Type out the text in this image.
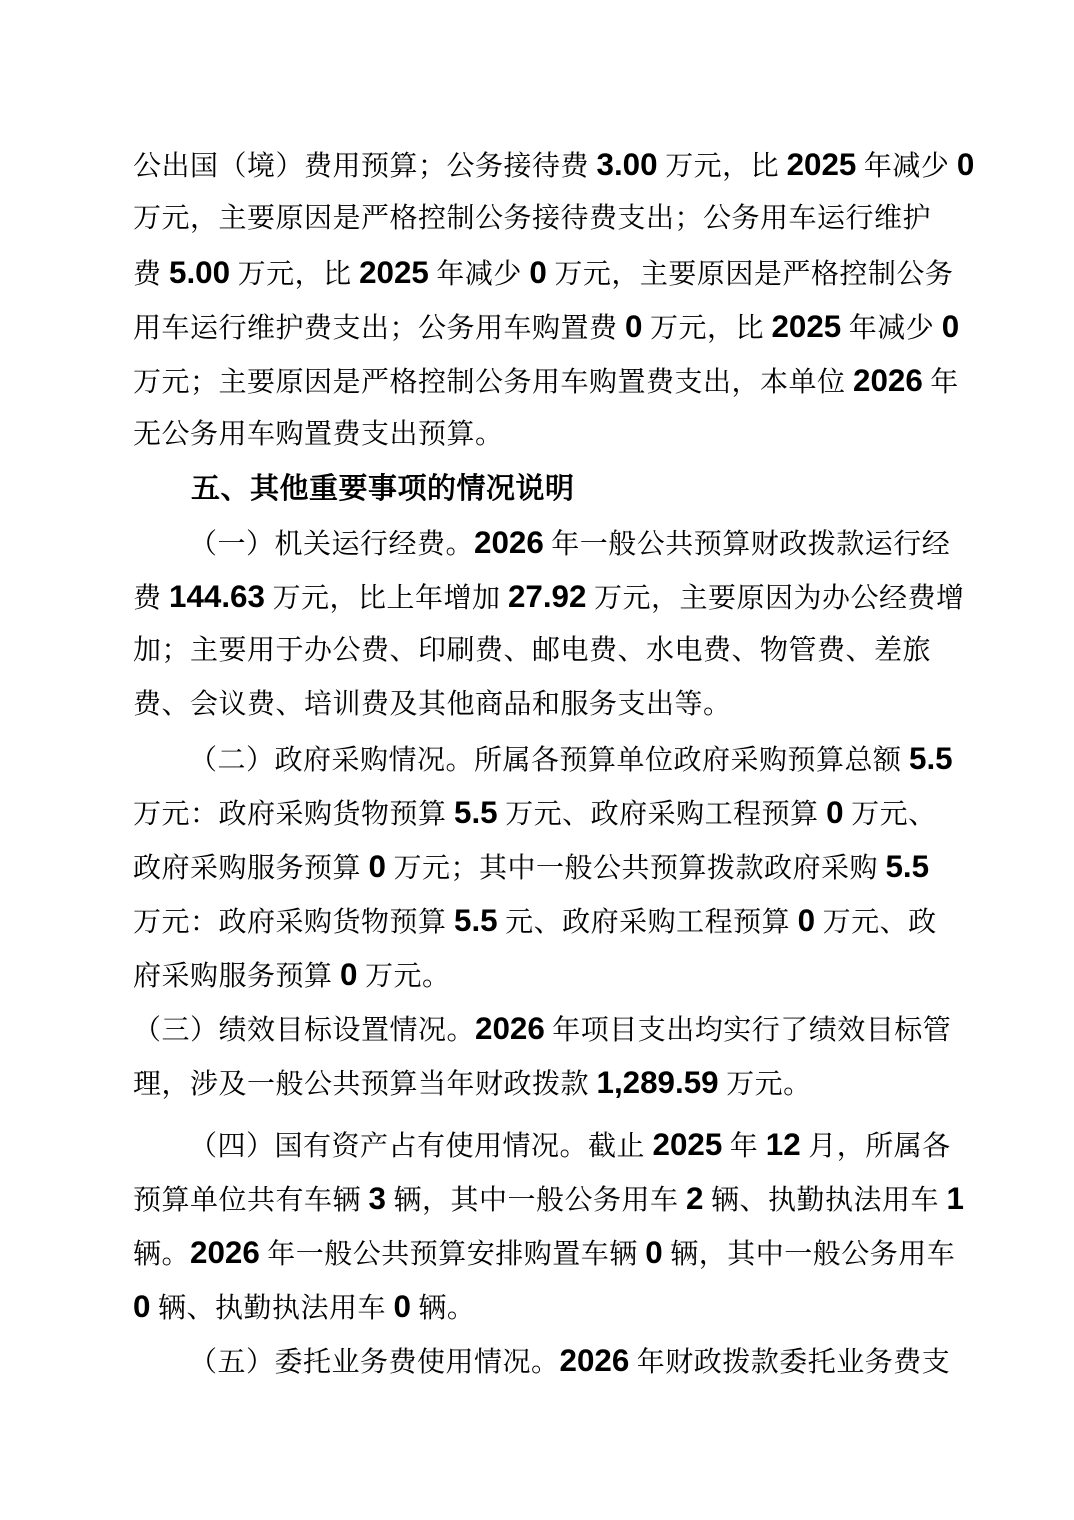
公出国（境）费用预算；公务接待费 3.00 万元，比 2025 年减少 0
万元，主要原因是严格控制公务接待费支出；公务用车运行维护
费 5.00 万元，比 2025 年减少 0 万元，主要原因是严格控制公务
用车运行维护费支出；公务用车购置费 0 万元，比 2025 年减少 0
万元；主要原因是严格控制公务用车购置费支出，本单位 2026 年
无公务用车购置费支出预算。
五、其他重要事项的情况说明
（一）机关运行经费。2026 年一般公共预算财政拨款运行经
费 144.63 万元，比上年增加 27.92 万元，主要原因为办公经费增
加；主要用于办公费、印刷费、邮电费、水电费、物管费、差旅
费、会议费、培训费及其他商品和服务支出等。
（二）政府采购情况。所属各预算单位政府采购预算总额 5.5
万元：政府采购货物预算 5.5 万元、政府采购工程预算 0 万元、
政府采购服务预算 0 万元；其中一般公共预算拨款政府采购 5.5
万元：政府采购货物预算 5.5 元、政府采购工程预算 0 万元、政
府采购服务预算 0 万元。
（三）绩效目标设置情况。2026 年项目支出均实行了绩效目标管
理，涉及一般公共预算当年财政拨款 1,289.59 万元。
（四）国有资产占有使用情况。截止 2025 年 12 月，所属各
预算单位共有车辆 3 辆，其中一般公务用车 2 辆、执勤执法用车 1
辆。2026 年一般公共预算安排购置车辆 0 辆，其中一般公务用车
0 辆、执勤执法用车 0 辆。
（五）委托业务费使用情况。2026 年财政拨款委托业务费支
